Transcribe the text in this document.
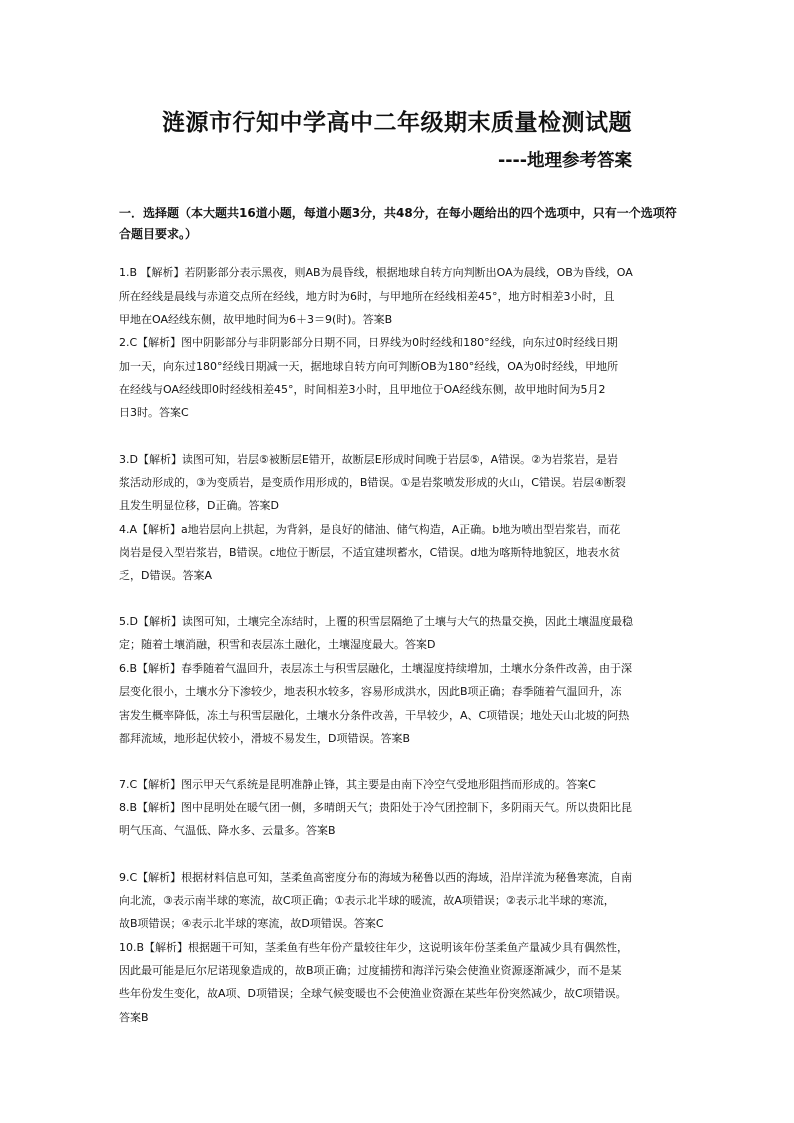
涟源市行知中学高中二年级期末质量检测试题
----地理参考答案
一．选择题（本大题共16道小题，每道小题3分，共48分，在每小题给出的四个选项中，只有一个选项符合题目要求。）
1.B 【解析】若阴影部分表示黑夜，则AB为晨昏线，根据地球自转方向判断出OA为晨线，OB为昏线，OA
所在经线是晨线与赤道交点所在经线，地方时为6时，与甲地所在经线相差45°，地方时相差3小时，且
甲地在OA经线东侧，故甲地时间为6＋3＝9(时)。答案B
2.C【解析】图中阴影部分与非阴影部分日期不同，日界线为0时经线和180°经线，向东过0时经线日期
加一天，向东过180°经线日期减一天，据地球自转方向可判断OB为180°经线，OA为0时经线，甲地所
在经线与OA经线即0时经线相差45°，时间相差3小时，且甲地位于OA经线东侧，故甲地时间为5月2
日3时。答案C
3.D【解析】读图可知，岩层⑤被断层E错开，故断层E形成时间晚于岩层⑤，A错误。②为岩浆岩，是岩
浆活动形成的，③为变质岩，是变质作用形成的，B错误。①是岩浆喷发形成的火山，C错误。岩层④断裂
且发生明显位移，D正确。答案D
4.A【解析】a地岩层向上拱起，为背斜，是良好的储油、储气构造，A正确。b地为喷出型岩浆岩，而花
岗岩是侵入型岩浆岩，B错误。c地位于断层，不适宜建坝蓄水，C错误。d地为喀斯特地貌区，地表水贫
乏，D错误。答案A
5.D【解析】读图可知，土壤完全冻结时，上覆的积雪层隔绝了土壤与大气的热量交换，因此土壤温度最稳
定；随着土壤消融，积雪和表层冻土融化，土壤湿度最大。答案D
6.B【解析】春季随着气温回升，表层冻土与积雪层融化，土壤湿度持续增加，土壤水分条件改善，由于深
层变化很小，土壤水分下渗较少，地表积水较多，容易形成洪水，因此B项正确；春季随着气温回升，冻
害发生概率降低，冻土与积雪层融化，土壤水分条件改善，干旱较少，A、C项错误；地处天山北坡的阿热
都拜流域，地形起伏较小，滑坡不易发生，D项错误。答案B
7.C【解析】图示甲天气系统是昆明准静止锋，其主要是由南下冷空气受地形阻挡而形成的。答案C
8.B【解析】图中昆明处在暖气团一侧，多晴朗天气；贵阳处于冷气团控制下，多阴雨天气。所以贵阳比昆
明气压高、气温低、降水多、云量多。答案B
9.C【解析】根据材料信息可知，茎柔鱼高密度分布的海域为秘鲁以西的海域，沿岸洋流为秘鲁寒流，自南
向北流，③表示南半球的寒流，故C项正确；①表示北半球的暖流，故A项错误；②表示北半球的寒流，
故B项错误；④表示北半球的寒流，故D项错误。答案C
10.B【解析】根据题干可知，茎柔鱼有些年份产量较往年少，这说明该年份茎柔鱼产量减少具有偶然性，
因此最可能是厄尔尼诺现象造成的，故B项正确；过度捕捞和海洋污染会使渔业资源逐渐减少，而不是某
些年份发生变化，故A项、D项错误；全球气候变暖也不会使渔业资源在某些年份突然减少，故C项错误。
答案B
